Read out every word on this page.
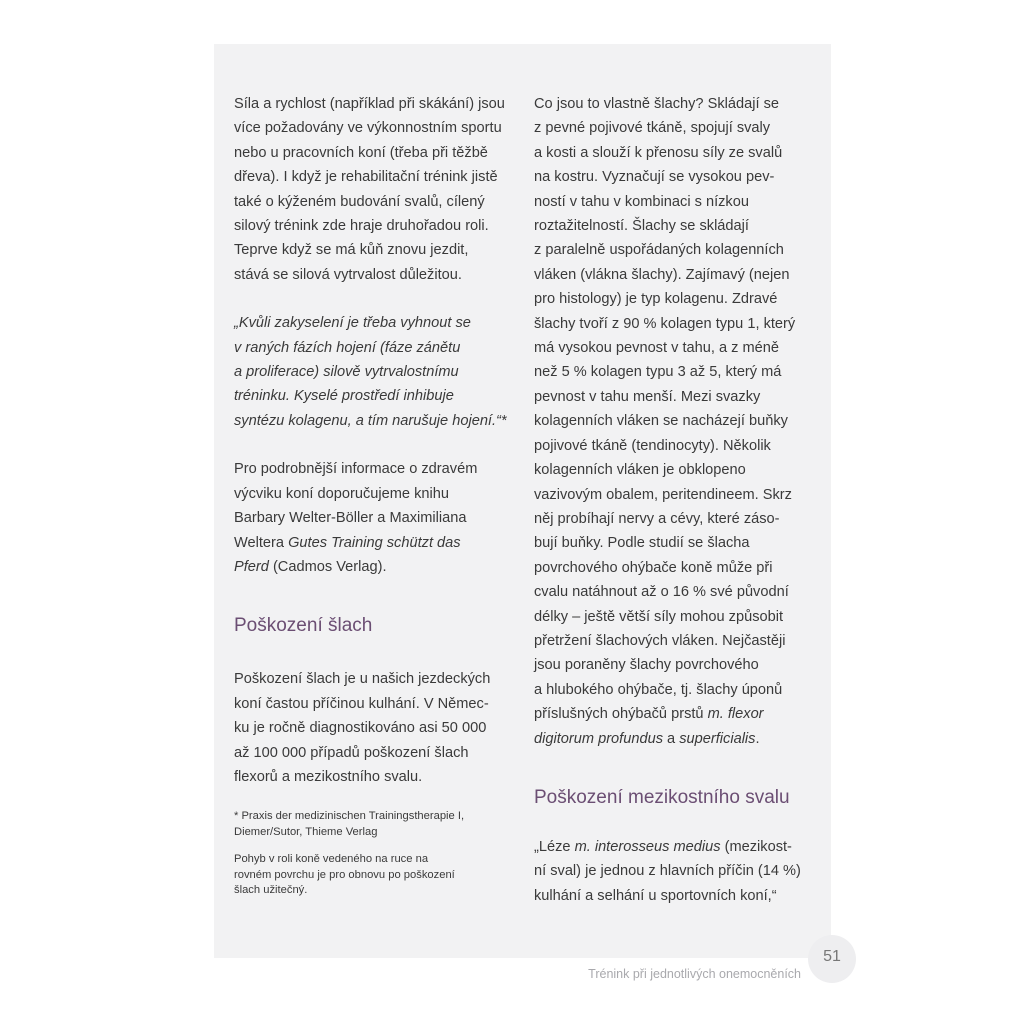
Síla a rychlost (například při skákání) jsou
více požadovány ve výkonnostním sportu
nebo u pracovních koní (třeba při těžbě
dřeva). I když je rehabilitační trénink jistě
také o kýženém budování svalů, cílený
silový trénink zde hraje druhořadou roli.
Teprve když se má kůň znovu jezdit,
stává se silová vytrvalost důležitou.
„Kvůli zakyselení je třeba vyhnout se
v raných fázích hojení (fáze zánětu
a proliferace) silově vytrvalostnímu
tréninku. Kyselé prostředí inhibuje
syntézu kolagenu, a tím narušuje hojení.“*
Pro podrobnější informace o zdravém
výcviku koní doporučujeme knihu
Barbary Welter-Böller a Maximiliana
Weltera Gutes Training schützt das
Pferd (Cadmos Verlag).
Poškození šlach
Poškození šlach je u našich jezdeckých
koní častou příčinou kulhání. V Němec-
ku je ročně diagnostikováno asi 50 000
až 100 000 případů poškození šlach
flexorů a mezikostního svalu.
* Praxis der medizinischen Trainingstherapie I,
Diemer/Sutor, Thieme Verlag
Pohyb v roli koně vedeného na ruce na
rovném povrchu je pro obnovu po poškození
šlach užitečný.
Co jsou to vlastně šlachy? Skládají se
z pevné pojivové tkáně, spojují svaly
a kosti a slouží k přenosu síly ze svalů
na kostru. Vyznačují se vysokou pev-
ností v tahu v kombinaci s nízkou
roztažitelností. Šlachy se skládají
z paralelně uspořádaných kolagenních
vláken (vlákna šlachy). Zajímavý (nejen
pro histology) je typ kolagenu. Zdravé
šlachy tvoří z 90 % kolagen typu 1, který
má vysokou pevnost v tahu, a z méně
než 5 % kolagen typu 3 až 5, který má
pevnost v tahu menší. Mezi svazky
kolagenních vláken se nacházejí buňky
pojivové tkáně (tendinocyty). Několik
kolagenních vláken je obklopeno
vazivovým obalem, peritendineem. Skrz
něj probíhají nervy a cévy, které záso-
bují buňky. Podle studií se šlacha
povrchového ohýbače koně může při
cvalu natáhnout až o 16 % své původní
délky – ještě větší síly mohou způsobit
přetržení šlachových vláken. Nejčastěji
jsou poraněny šlachy povrchového
a hlubokého ohýbače, tj. šlachy úponů
příslušných ohýbačů prstů m. flexor
digitorum profundus a superficialis.
Poškození mezikostního svalu
„Léze m. interosseus medius (mezikost-
ní sval) je jednou z hlavních příčin (14 %)
kulhání a selhání u sportovních koní,“
51
Trénink při jednotlivých onemocněních
